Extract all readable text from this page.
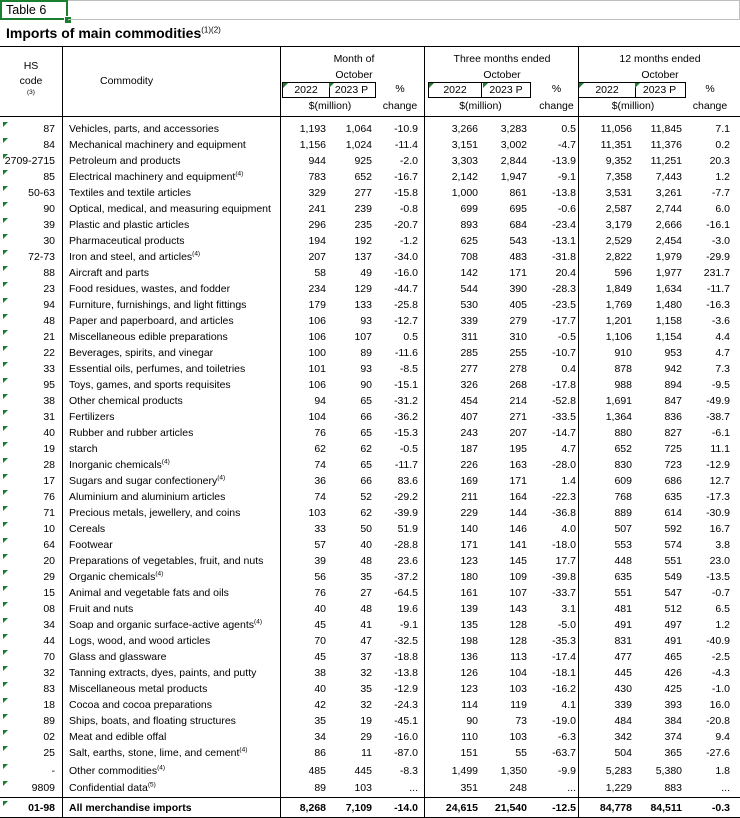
Table 6
Imports of main commodities$^{(1)(2)}$
HS
code
(3)
Commodity
Month of
October
2022	2023 P	%
$(million)	change
Three months ended
October
2022	2023 P	%
$(million)	change
12 months ended
October
2022	2023 P	%
$(million)	change
87 Vehicles, parts, and accessories	1,193	1,064	-10.9	3,266	3,283	0.5	11,056	11,845	7.1
84 Mechanical machinery and equipment	1,156	1,024	-11.4	3,151	3,002	-4.7	11,351	11,376	0.2
2709-2715 Petroleum and products	944	925	-2.0	3,303	2,844	-13.9	9,352	11,251	20.3
85 Electrical machinery and equipment$^{(4)}$	783	652	-16.7	2,142	1,947	-9.1	7,358	7,443	1.2
50-63 Textiles and textile articles	329	277	-15.8	1,000	861	-13.8	3,531	3,261	-7.7
90 Optical, medical, and measuring equipment	241	239	-0.8	699	695	-0.6	2,587	2,744	6.0
39 Plastic and plastic articles	296	235	-20.7	893	684	-23.4	3,179	2,666	-16.1
30 Pharmaceutical products	194	192	-1.2	625	543	-13.1	2,529	2,454	-3.0
72-73 Iron and steel, and articles$^{(4)}$	207	137	-34.0	708	483	-31.8	2,822	1,979	-29.9
88 Aircraft and parts	58	49	-16.0	142	171	20.4	596	1,977	231.7
23 Food residues, wastes, and fodder	234	129	-44.7	544	390	-28.3	1,849	1,634	-11.7
94 Furniture, furnishings, and light fittings	179	133	-25.8	530	405	-23.5	1,769	1,480	-16.3
48 Paper and paperboard, and articles	106	93	-12.7	339	279	-17.7	1,201	1,158	-3.6
21 Miscellaneous edible preparations	106	107	0.5	311	310	-0.5	1,106	1,154	4.4
22 Beverages, spirits, and vinegar	100	89	-11.6	285	255	-10.7	910	953	4.7
33 Essential oils, perfumes, and toiletries	101	93	-8.5	277	278	0.4	878	942	7.3
95 Toys, games, and sports requisites	106	90	-15.1	326	268	-17.8	988	894	-9.5
38 Other chemical products	94	65	-31.2	454	214	-52.8	1,691	847	-49.9
31 Fertilizers	104	66	-36.2	407	271	-33.5	1,364	836	-38.7
40 Rubber and rubber articles	76	65	-15.3	243	207	-14.7	880	827	-6.1
19 starch	62	62	-0.5	187	195	4.7	652	725	11.1
28 Inorganic chemicals$^{(4)}$	74	65	-11.7	226	163	-28.0	830	723	-12.9
17 Sugars and sugar confectionery$^{(4)}$	36	66	83.6	169	171	1.4	609	686	12.7
76 Aluminium and aluminium articles	74	52	-29.2	211	164	-22.3	768	635	-17.3
71 Precious metals, jewellery, and coins	103	62	-39.9	229	144	-36.8	889	614	-30.9
10 Cereals	33	50	51.9	140	146	4.0	507	592	16.7
64 Footwear	57	40	-28.8	171	141	-18.0	553	574	3.8
20 Preparations of vegetables, fruit, and nuts	39	48	23.6	123	145	17.7	448	551	23.0
29 Organic chemicals$^{(4)}$	56	35	-37.2	180	109	-39.8	635	549	-13.5
15 Animal and vegetable fats and oils	76	27	-64.5	161	107	-33.7	551	547	-0.7
08 Fruit and nuts	40	48	19.6	139	143	3.1	481	512	6.5
34 Soap and organic surface-active agents$^{(4)}$	45	41	-9.1	135	128	-5.0	491	497	1.2
44 Logs, wood, and wood articles	70	47	-32.5	198	128	-35.3	831	491	-40.9
70 Glass and glassware	45	37	-18.8	136	113	-17.4	477	465	-2.5
32 Tanning extracts, dyes, paints, and putty	38	32	-13.8	126	104	-18.1	445	426	-4.3
83 Miscellaneous metal products	40	35	-12.9	123	103	-16.2	430	425	-1.0
18 Cocoa and cocoa preparations	42	32	-24.3	114	119	4.1	339	393	16.0
89 Ships, boats, and floating structures	35	19	-45.1	90	73	-19.0	484	384	-20.8
02 Meat and edible offal	34	29	-16.0	110	103	-6.3	342	374	9.4
25 Salt, earths, stone, lime, and cement$^{(4)}$	86	11	-87.0	151	55	-63.7	504	365	-27.6
- Other commodities$^{(4)}$	485	445	-8.3	1,499	1,350	-9.9	5,283	5,380	1.8
9809 Confidential data$^{(5)}$	89	103	...	351	248	...	1,229	883	...
01-98 All merchandise imports	8,268	7,109	-14.0	24,615	21,540	-12.5	84,778	84,511	-0.3
